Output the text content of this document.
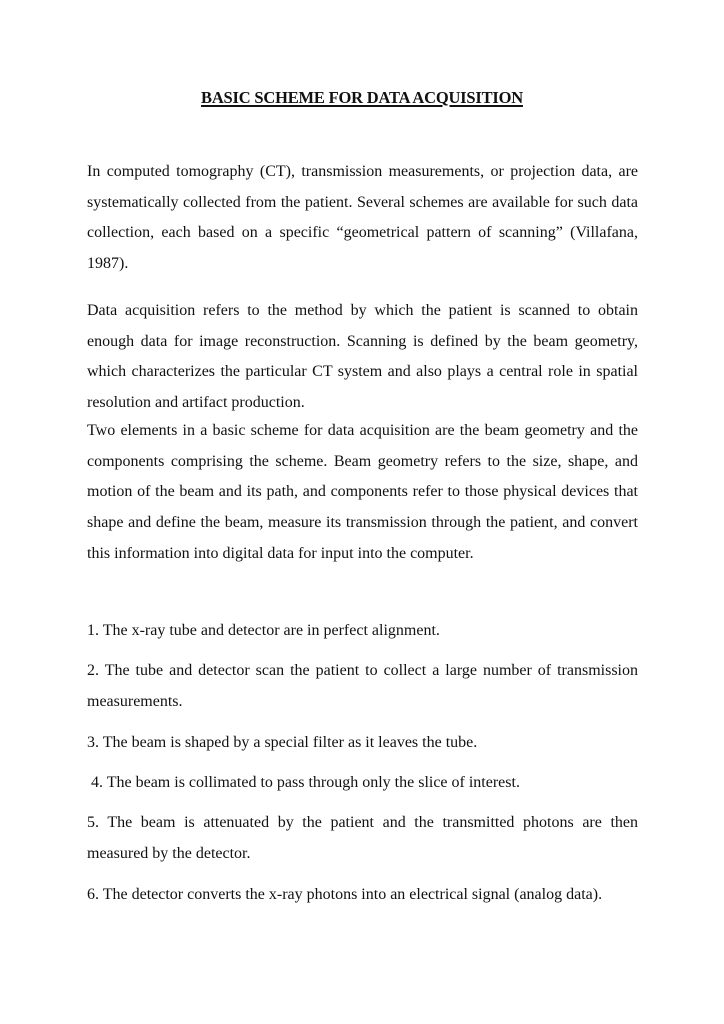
BASIC SCHEME FOR DATA ACQUISITION

In computed tomography (CT), transmission measurements, or projection data, are systematically collected from the patient. Several schemes are available for such data collection, each based on a specific “geometrical pattern of scanning” (Villafana, 1987).

Data acquisition refers to the method by which the patient is scanned to obtain enough data for image reconstruction. Scanning is defined by the beam geometry, which characterizes the particular CT system and also plays a central role in spatial resolution and artifact production.

Two elements in a basic scheme for data acquisition are the beam geometry and the components comprising the scheme. Beam geometry refers to the size, shape, and motion of the beam and its path, and components refer to those physical devices that shape and define the beam, measure its transmission through the patient, and convert this information into digital data for input into the computer.

1. The x-ray tube and detector are in perfect alignment.

2. The tube and detector scan the patient to collect a large number of transmission measurements.

3. The beam is shaped by a special filter as it leaves the tube.

4. The beam is collimated to pass through only the slice of interest.

5. The beam is attenuated by the patient and the transmitted photons are then measured by the detector.

6. The detector converts the x-ray photons into an electrical signal (analog data).
